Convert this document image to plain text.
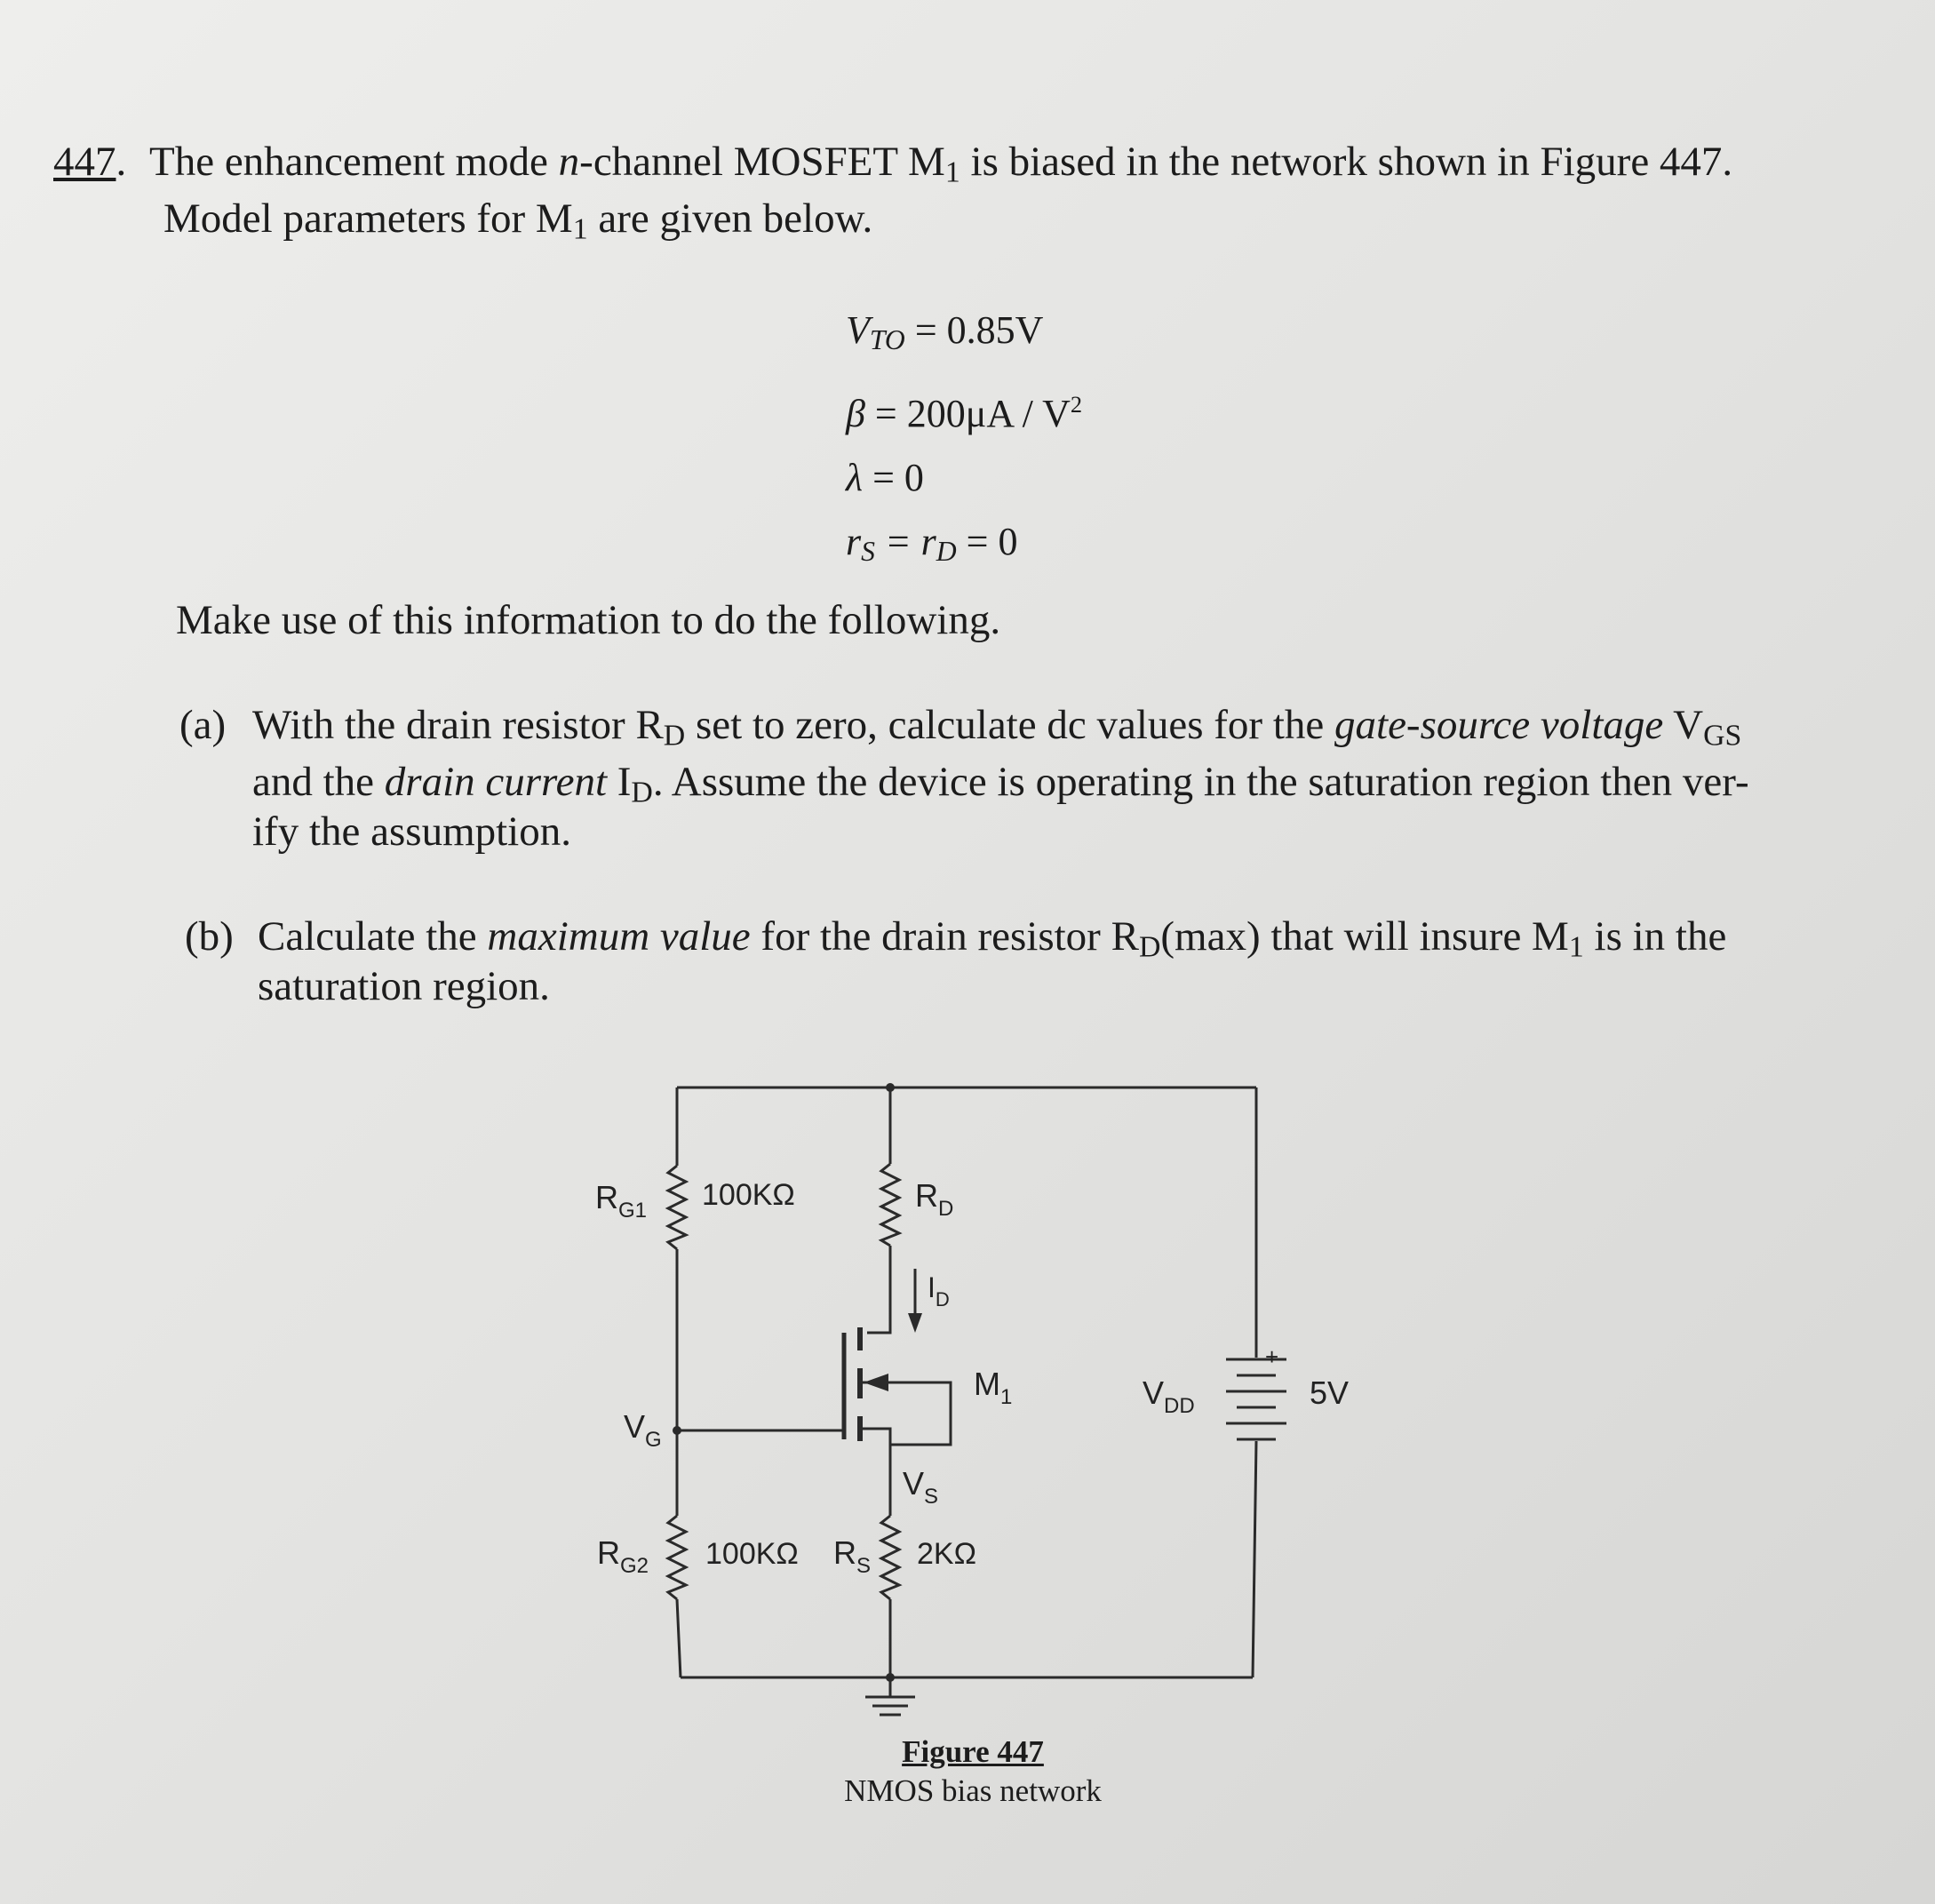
447. The enhancement mode n-channel MOSFET $M_1$ is biased in the network shown in Figure 447.
Model parameters for $M_1$ are given below.
$V_{TO} = 0.85V$
$\beta = 200\mu A / V^2$
λ = 0
$r_S = r_D = 0$
Make use of this information to do the following.
(a) With the drain resistor $R_D$ set to zero, calculate dc values for the gate-source voltage $V_{GS}$
and the drain current $I_D$. Assume the device is operating in the saturation region then ver-
ify the assumption.
(b) Calculate the maximum value for the drain resistor $R_D(\max)$ that will insure $M_1$ is in the
saturation region.
$R_{G1}$ 100KΩ	$R_D$
$I_D$
$M_1$	$V_{DD}$
+
5V
$V_G$
$V_S$
$R_{G2}$ 100KΩ $R_S$ 2KΩ
Figure 447
NMOS bias network
